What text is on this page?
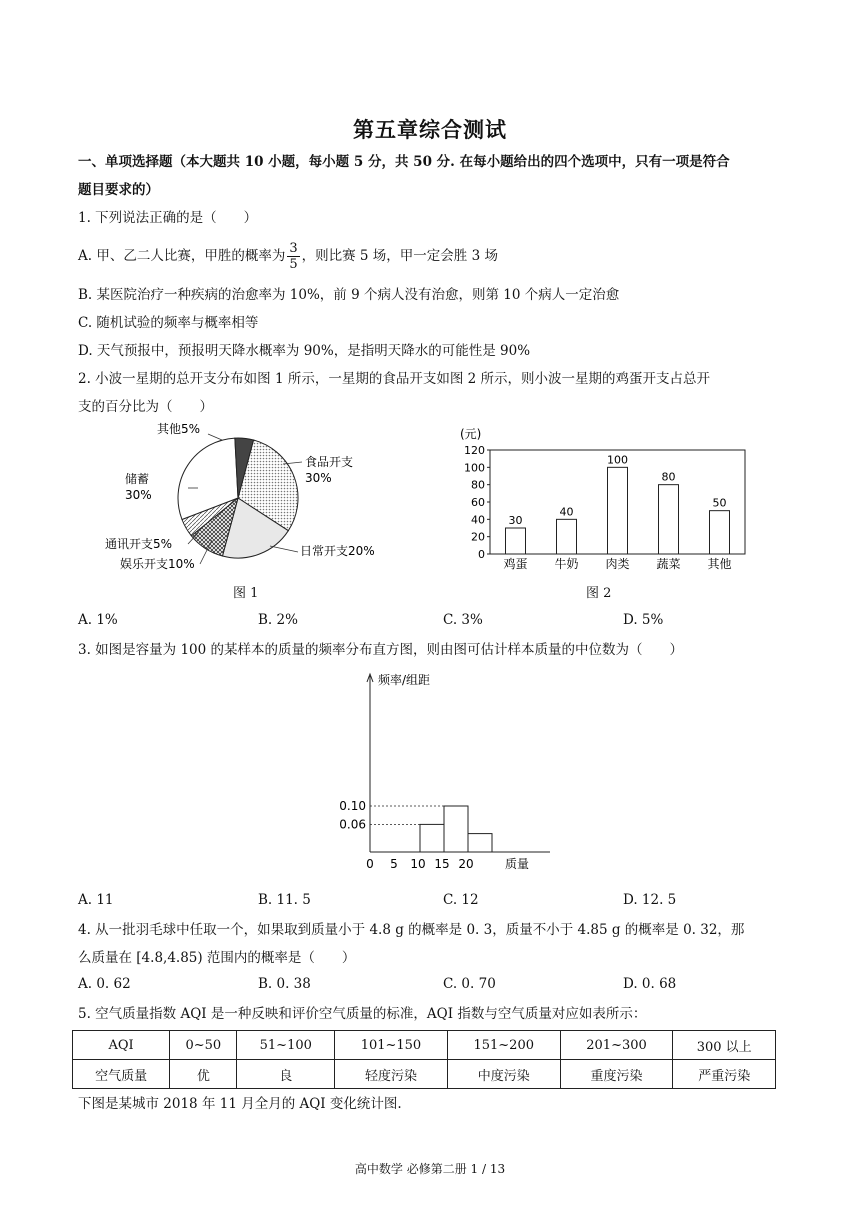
第五章综合测试
一、单项选择题（本大题共 10 小题，每小题 5 分，共 50 分. 在每小题给出的四个选项中，只有一项是符合
题目要求的）
1. 下列说法正确的是（　　）
A. 甲、乙二人比赛，甲胜的概率为 $\frac{3}{5}$ ，则比赛 5 场，甲一定会胜 3 场
B. 某医院治疗一种疾病的治愈率为 10%，前 9 个病人没有治愈，则第 10 个病人一定治愈
C. 随机试验的频率与概率相等
D. 天气预报中，预报明天降水概率为 90%，是指明天降水的可能性是 90%
2. 小波一星期的总开支分布如图 1 所示，一星期的食品开支如图 2 所示，则小波一星期的鸡蛋开支占总开
支的百分比为（　　）
食品开支 30%
日常开支20%
娱乐开支10%
通讯开支5%
储蓄 30%
其他5%
图 1
(元)
0
20
40
60
80
100
120
30
鸡蛋
40
牛奶
100
肉类
80
蔬菜
50
其他
图 2
A. 1%	B. 2%	C. 3%	D. 5%
3. 如图是容量为 100 的某样本的质量的频率分布直方图，则由图可估计样本质量的中位数为（　　）
频率/组距
质量
0 5 10 15 20
0.10
0.06
A. 11	B. 11. 5	C. 12	D. 12. 5
4. 从一批羽毛球中任取一个，如果取到质量小于 4.8 g 的概率是 0. 3，质量不小于 4.85 g 的概率是 0. 32，那
么质量在 [4.8,4.85) 范围内的概率是（　　）
A. 0. 62	B. 0. 38	C. 0. 70	D. 0. 68
5. 空气质量指数 AQI 是一种反映和评价空气质量的标准，AQI 指数与空气质量对应如表所示：
AQI	0~50	51~100	101~150	151~200	201~300	300 以上
空气质量	优	良	轻度污染	中度污染	重度污染	严重污染
下图是某城市 2018 年 11 月全月的 AQI 变化统计图.
高中数学 必修第二册 1 / 13
